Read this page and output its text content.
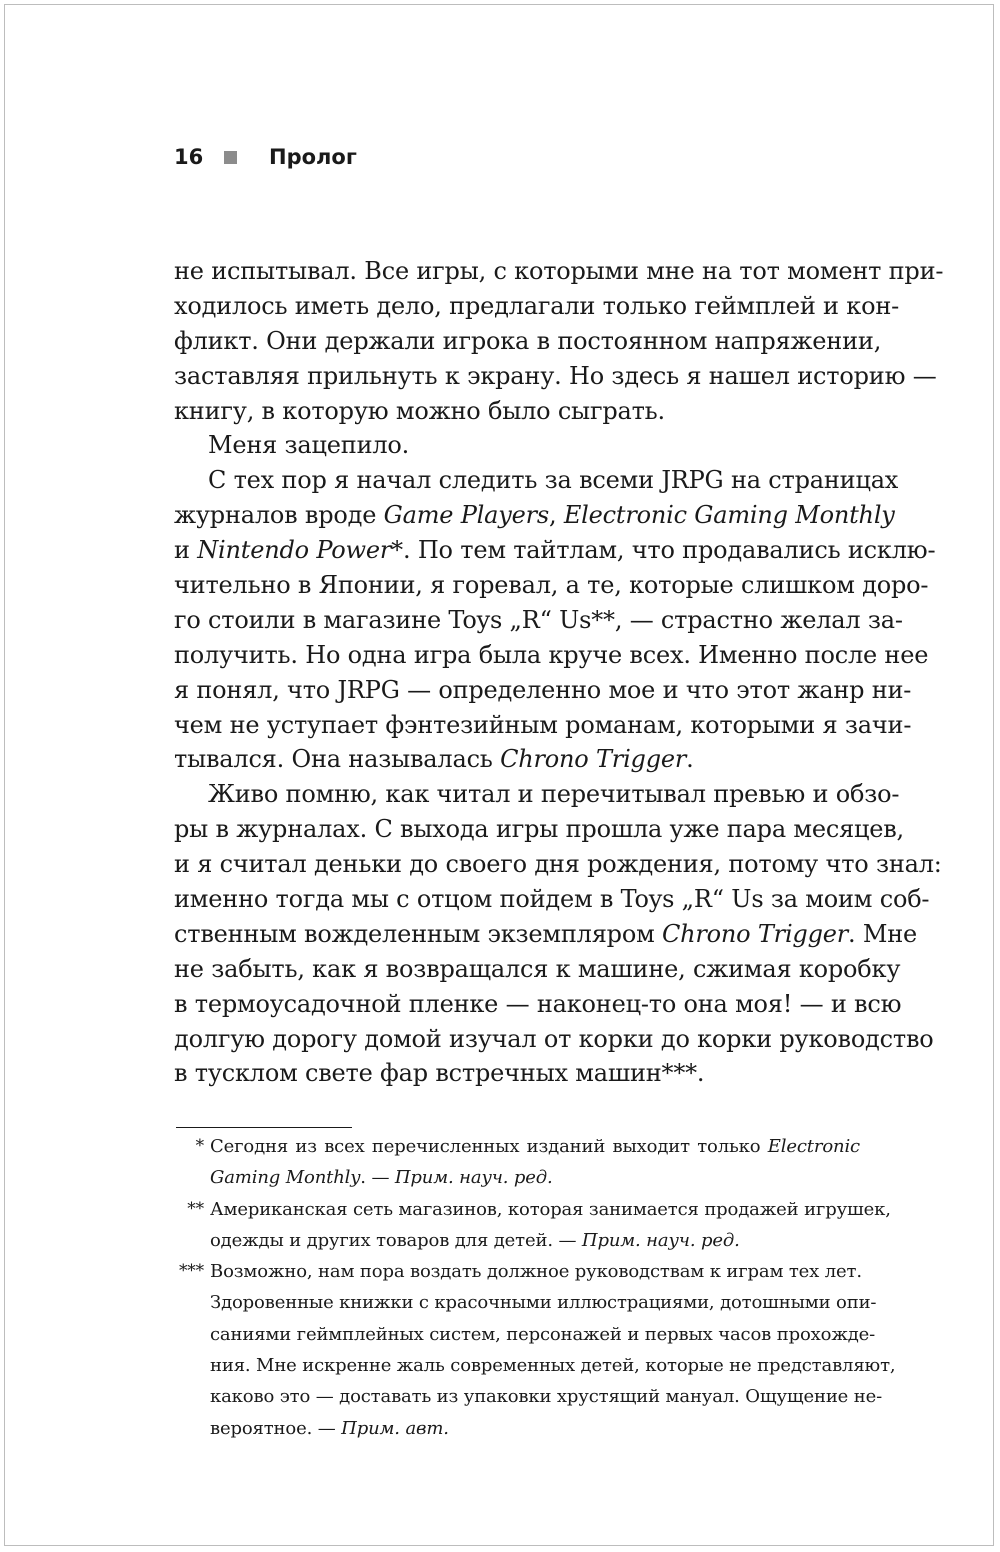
16	Пролог
не испытывал. Все игры, с которыми мне на тот момент при-
ходилось иметь дело, предлагали только геймплей и кон-
фликт. Они держали игрока в постоянном напряжении,
заставляя прильнуть к экрану. Но здесь я нашел историю —
книгу, в которую можно было сыграть.
Меня зацепило.
С тех пор я начал следить за всеми JRPG на страницах
журналов вроде Game Players, Electronic Gaming Monthly
и Nintendo Power*. По тем тайтлам, что продавались исклю-
чительно в Японии, я горевал, а те, которые слишком доро-
го стоили в магазине Toys „R“ Us**, — страстно желал за-
получить. Но одна игра была круче всех. Именно после нее
я понял, что JRPG — определенно мое и что этот жанр ни-
чем не уступает фэнтезийным романам, которыми я зачи-
тывался. Она называлась Chrono Trigger.
Живо помню, как читал и перечитывал превью и обзо-
ры в журналах. С выхода игры прошла уже пара месяцев,
и я считал деньки до своего дня рождения, потому что знал:
именно тогда мы с отцом пойдем в Toys „R“ Us за моим соб-
ственным вожделенным экземпляром Chrono Trigger. Мне
не забыть, как я возвращался к машине, сжимая коробку
в термоусадочной пленке — наконец-то она моя! — и всю
долгую дорогу домой изучал от корки до корки руководство
в тусклом свете фар встречных машин***.
* Сегодня из всех перечисленных изданий выходит только Electronic
Gaming Monthly. — Прим. науч. ред.
** Американская сеть магазинов, которая занимается продажей игрушек,
одежды и других товаров для детей. — Прим. науч. ред.
*** Возможно, нам пора воздать должное руководствам к играм тех лет.
Здоровенные книжки с красочными иллюстрациями, дотошными опи-
саниями геймплейных систем, персонажей и первых часов прохожде-
ния. Мне искренне жаль современных детей, которые не представляют,
каково это — доставать из упаковки хрустящий мануал. Ощущение не-
вероятное. — Прим. авт.
